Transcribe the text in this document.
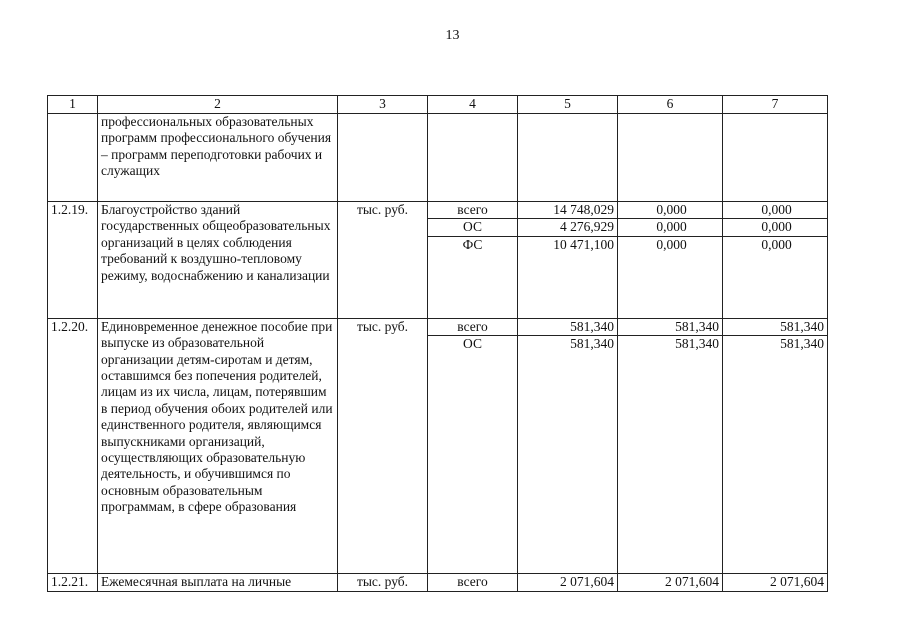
13
1	2	3	4	5	6	7
	профессиональных образовательных программ профессионального обучения – программ переподготовки рабочих и служащих					
1.2.19.	Благоустройство зданий государственных общеобразовательных организаций в целях соблюдения требований к воздушно-тепловому режиму, водоснабжению и канализации	тыс. руб.	всего	14 748,029	0,000	0,000
			ОС	4 276,929	0,000	0,000
			ФС	10 471,100	0,000	0,000
1.2.20.	Единовременное денежное пособие при выпуске из образовательной организации детям-сиротам и детям, оставшимся без попечения родителей, лицам из их числа, лицам, потерявшим в период обучения обоих родителей или единственного родителя, являющимся выпускниками организаций, осуществляющих образовательную деятельность, и обучившимся по основным образовательным программам, в сфере образования	тыс. руб.	всего	581,340	581,340	581,340
			ОС	581,340	581,340	581,340
1.2.21.	Ежемесячная выплата на личные	тыс. руб.	всего	2 071,604	2 071,604	2 071,604
